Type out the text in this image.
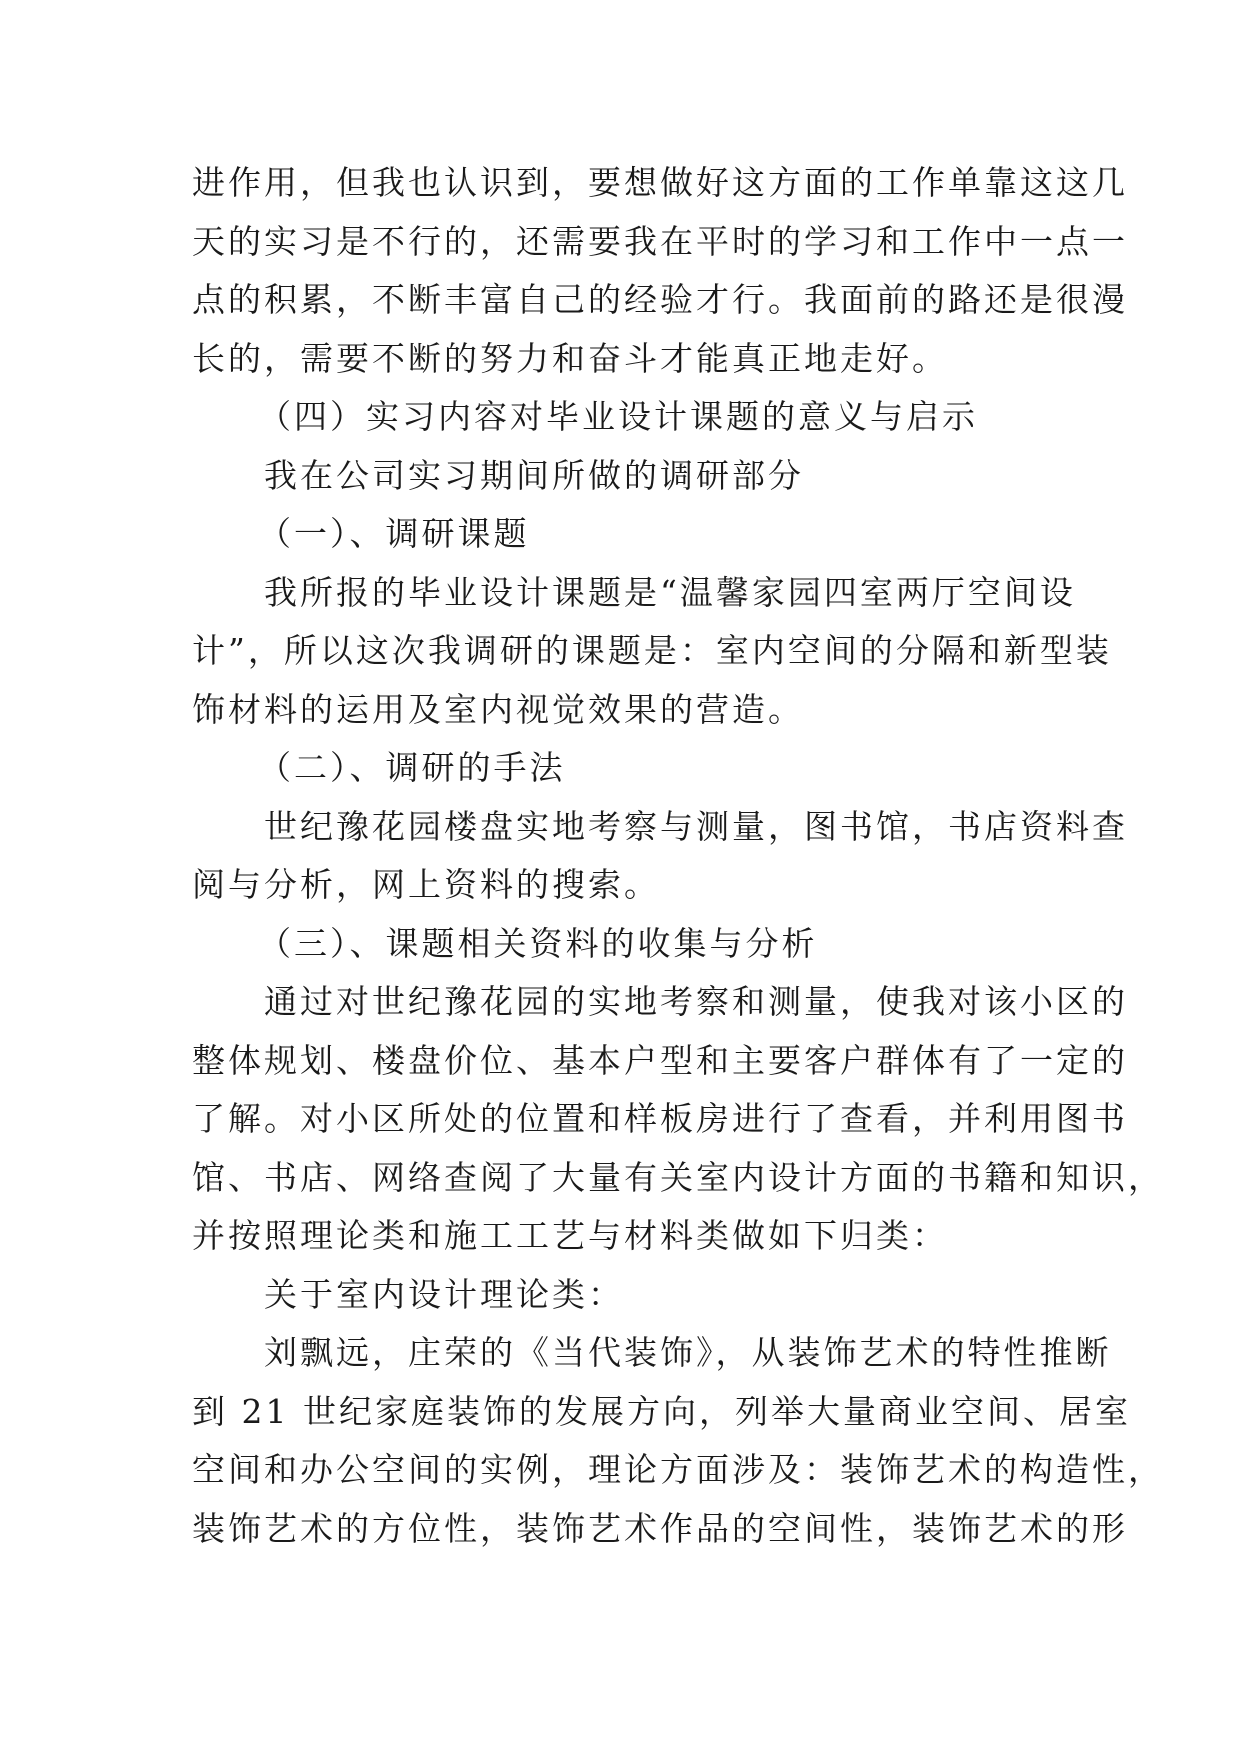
进作用，但我也认识到，要想做好这方面的工作单靠这这几
天的实习是不行的，还需要我在平时的学习和工作中一点一
点的积累，不断丰富自己的经验才行。我面前的路还是很漫
长的，需要不断的努力和奋斗才能真正地走好。
（四）实习内容对毕业设计课题的意义与启示
我在公司实习期间所做的调研部分
（一）、调研课题
我所报的毕业设计课题是“温馨家园四室两厅空间设
计”，所以这次我调研的课题是：室内空间的分隔和新型装
饰材料的运用及室内视觉效果的营造。
（二）、调研的手法
世纪豫花园楼盘实地考察与测量，图书馆，书店资料查
阅与分析，网上资料的搜索。
（三）、课题相关资料的收集与分析
通过对世纪豫花园的实地考察和测量，使我对该小区的
整体规划、楼盘价位、基本户型和主要客户群体有了一定的
了解。对小区所处的位置和样板房进行了查看，并利用图书
馆、书店、网络查阅了大量有关室内设计方面的书籍和知识，
并按照理论类和施工工艺与材料类做如下归类：
关于室内设计理论类：
刘飘远，庄荣的《当代装饰》，从装饰艺术的特性推断
到 21 世纪家庭装饰的发展方向，列举大量商业空间、居室
空间和办公空间的实例，理论方面涉及：装饰艺术的构造性，
装饰艺术的方位性，装饰艺术作品的空间性，装饰艺术的形
